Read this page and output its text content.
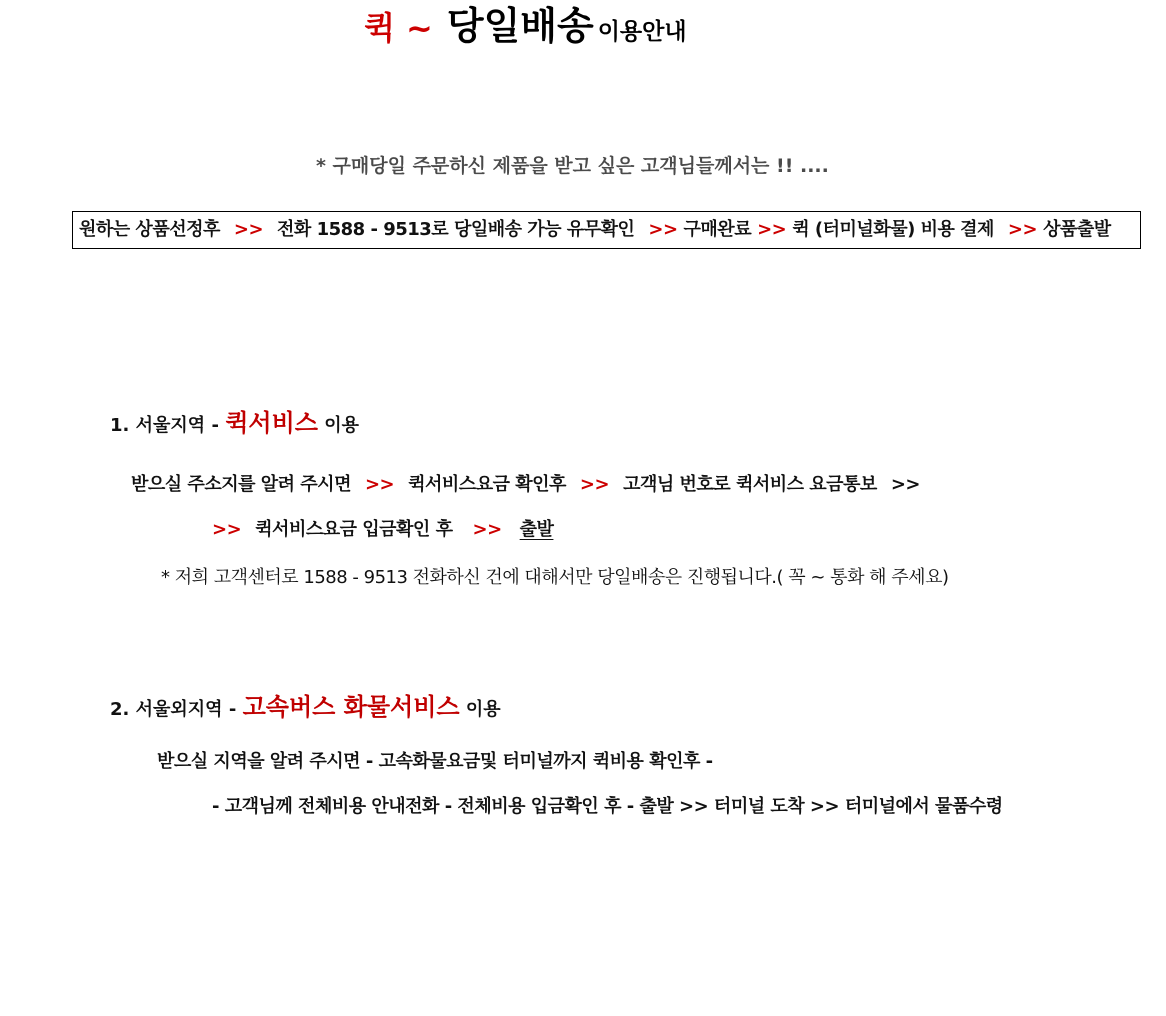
퀵 ~ 당일배송 이용안내
* 구매당일 주문하신 제품을 받고 싶은 고객님들께서는 !! ....
원하는 상품선정후 >> 전화 1588 - 9513로 당일배송 가능 유무확인 >> 구매완료 >> 퀵 (터미널화물) 비용 결제 >> 상품출발
1. 서울지역 - 퀵서비스 이용
받으실 주소지를 알려 주시면 >> 퀵서비스요금 확인후 >> 고객님 번호로 퀵서비스 요금통보 >>
>> 퀵서비스요금 입금확인 후 >> 출발
* 저희 고객센터로 1588 - 9513 전화하신 건에 대해서만 당일배송은 진행됩니다.( 꼭 ~ 통화 해 주세요)
2. 서울외지역 - 고속버스 화물서비스 이용
받으실 지역을 알려 주시면 - 고속화물요금및 터미널까지 퀵비용 확인후 -
- 고객님께 전체비용 안내전화 - 전체비용 입금확인 후 - 출발 >> 터미널 도착 >> 터미널에서 물품수령
